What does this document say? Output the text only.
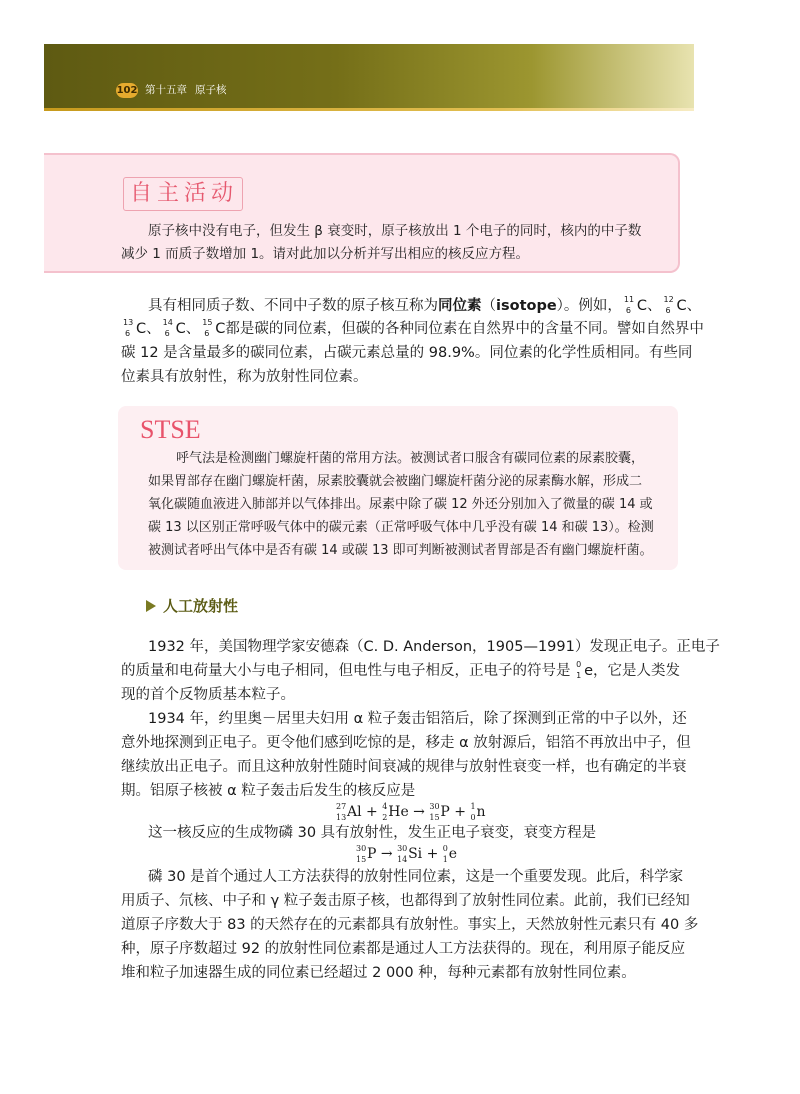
102 第十五章 原子核
自主活动
原子核中没有电子，但发生 β 衰变时，原子核放出 1 个电子的同时，核内的中子数
减少 1 而质子数增加 1。请对此加以分析并写出相应的核反应方程。
具有相同质子数、不同中子数的原子核互称为同位素（isotope）。例如， 11
6 C、 12
6 C、
13
6 C、 14
6 C、 15
6 C都是碳的同位素，但碳的各种同位素在自然界中的含量不同。譬如自然界中
碳 12 是含量最多的碳同位素，占碳元素总量的 98.9%。同位素的化学性质相同。有些同
位素具有放射性，称为放射性同位素。
STSE
呼气法是检测幽门螺旋杆菌的常用方法。被测试者口服含有碳同位素的尿素胶囊，
如果胃部存在幽门螺旋杆菌，尿素胶囊就会被幽门螺旋杆菌分泌的尿素酶水解，形成二
氧化碳随血液进入肺部并以气体排出。尿素中除了碳 12 外还分别加入了微量的碳 14 或
碳 13 以区别正常呼吸气体中的碳元素（正常呼吸气体中几乎没有碳 14 和碳 13）。检测
被测试者呼出气体中是否有碳 14 或碳 13 即可判断被测试者胃部是否有幽门螺旋杆菌。
人工放射性
1932 年，美国物理学家安德森（C. D. Anderson，1905—1991）发现正电子。正电子
的质量和电荷量大小与电子相同，但电性与电子相反，正电子的符号是 0
1 e，它是人类发
现的首个反物质基本粒子。
1934 年，约里奥－居里夫妇用 α 粒子轰击铝箔后，除了探测到正常的中子以外，还
意外地探测到正电子。更令他们感到吃惊的是，移走 α 放射源后，铝箔不再放出中子，但
继续放出正电子。而且这种放射性随时间衰减的规律与放射性衰变一样，也有确定的半衰
期。铝原子核被 α 粒子轰击后发生的核反应是
27
13 Al + 4
2 He → 30
15 P + 1
0 n
这一核反应的生成物磷 30 具有放射性，发生正电子衰变，衰变方程是
30
15 P → 30
14 Si + 0
1 e
磷 30 是首个通过人工方法获得的放射性同位素，这是一个重要发现。此后，科学家
用质子、氘核、中子和 γ 粒子轰击原子核，也都得到了放射性同位素。此前，我们已经知
道原子序数大于 83 的天然存在的元素都具有放射性。事实上，天然放射性元素只有 40 多
种，原子序数超过 92 的放射性同位素都是通过人工方法获得的。现在，利用原子能反应
堆和粒子加速器生成的同位素已经超过 2 000 种，每种元素都有放射性同位素。
